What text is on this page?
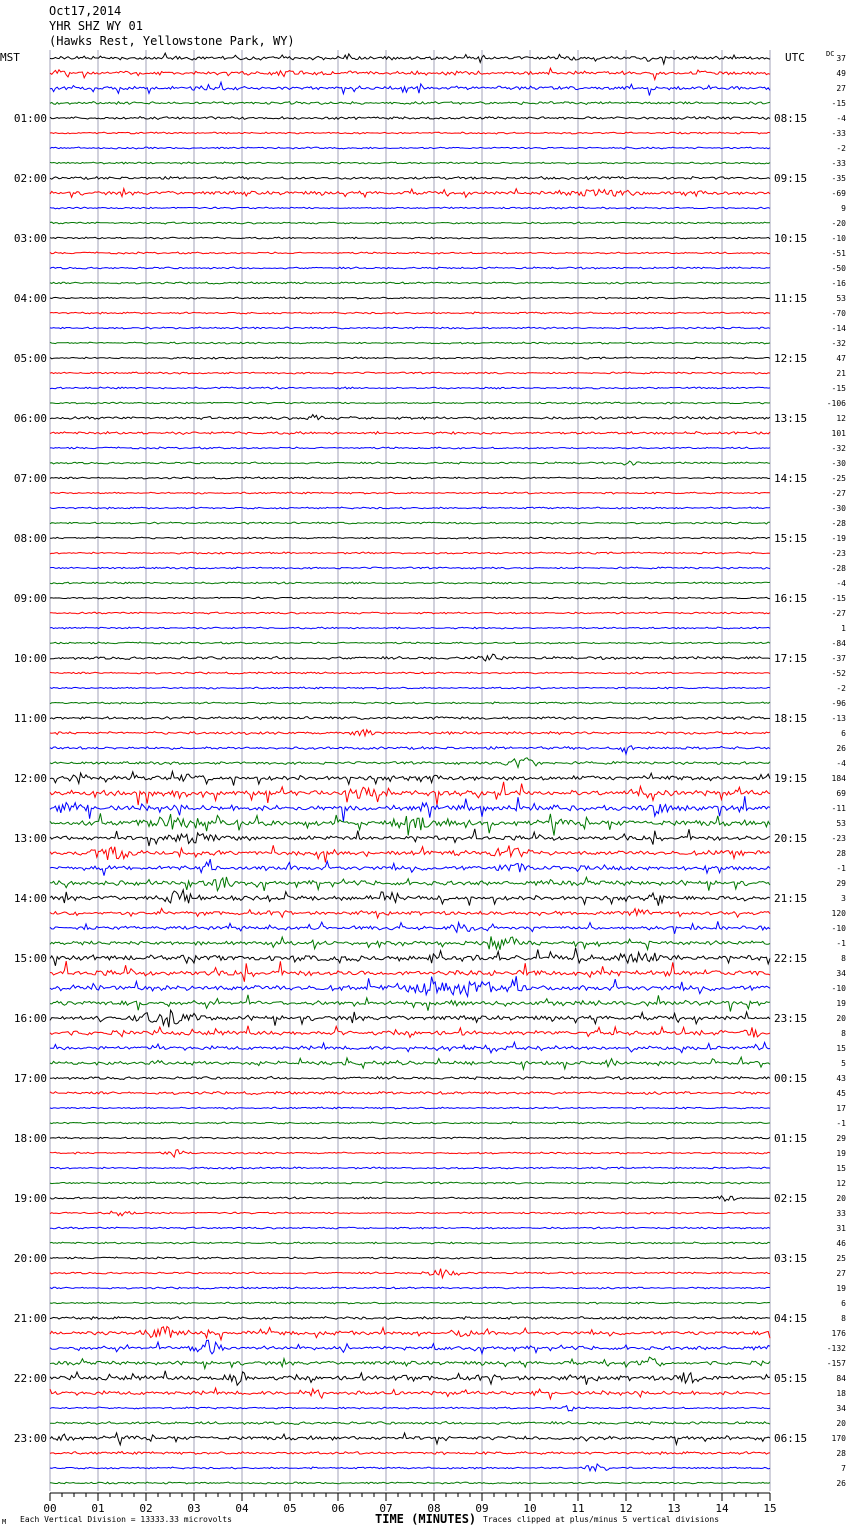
Oct17,2014
YHR SHZ WY 01
(Hawks Rest, Yellowstone Park, WY)
37
49
27
-15
-4
-33
-2
-33
-35
-69
9
-20
-10
-51
-50
-16
53
-70
-14
-32
47
21
-15
-106
12
101
-32
-30
-25
-27
-30
-28
-19
-23
-28
-4
-15
-27
1
-84
-37
-52
-2
-96
-13
6
26
-4
184
69
-11
53
-23
28
-1
29
3
120
-10
-1
8
34
-10
19
20
8
15
5
43
45
17
-1
29
19
15
12
20
33
31
46
25
27
19
6
8
176
-132
-157
84
18
34
20
170
28
7
26
DC
MST	UTC
01:00
02:00
03:00
04:00
05:00
06:00
07:00
08:00
09:00
10:00
11:00
12:00
13:00
14:00
15:00
16:00
17:00
18:00
19:00
20:00
21:00
22:00
23:00
08:15
09:15
10:15
11:15
12:15
13:15
14:15
15:15
16:15
17:15
18:15
19:15
20:15
21:15
22:15
23:15
00:15
01:15
02:15
03:15
04:15
05:15
06:15
00	01	02	03	04	05	06	07	08	09	10	11	12	13	14	15
M Each Vertical Division = 13333.33 microvolts	TIME (MINUTES) Traces clipped at plus/minus 5 vertical divisions
